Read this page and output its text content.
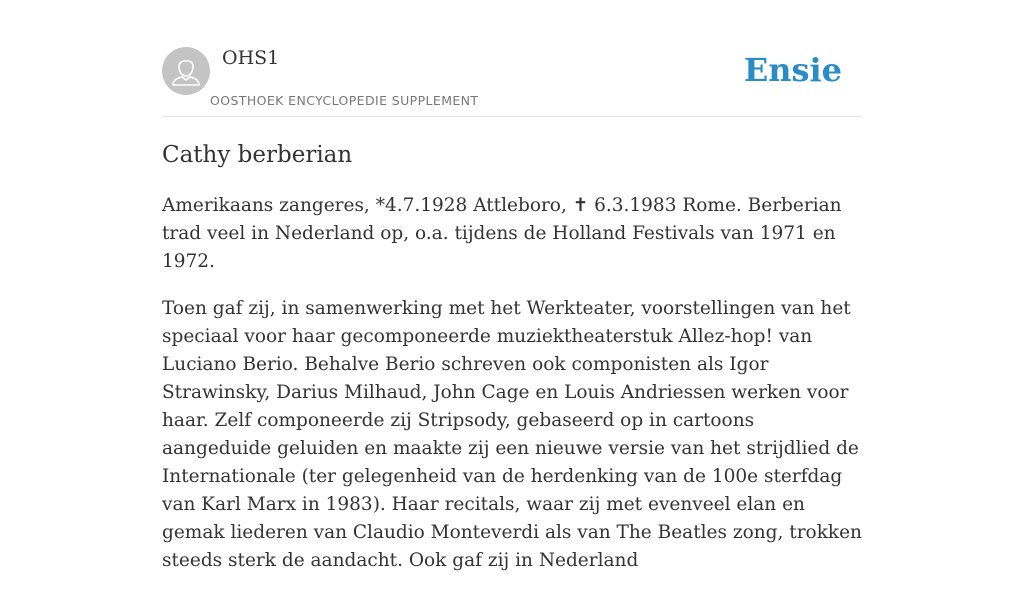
OHS1
OOSTHOEK ENCYCLOPEDIE SUPPLEMENT
Ensie
Cathy berberian

Amerikaans zangeres, *4.7.1928 Attleboro, ✝ 6.3.1983 Rome. Berberian trad veel in Nederland op, o.a. tijdens de Holland Festivals van 1971 en 1972.

Toen gaf zij, in samenwerking met het Werkteater, voorstellingen van het speciaal voor haar gecomponeerde muziektheaterstuk Allez-hop! van Luciano Berio. Behalve Berio schreven ook componisten als Igor Strawinsky, Darius Milhaud, John Cage en Louis Andriessen werken voor haar. Zelf componeerde zij Stripsody, gebaseerd op in cartoons aangeduide geluiden en maakte zij een nieuwe versie van het strijdlied de Internationale (ter gelegenheid van de herdenking van de 100e sterfdag van Karl Marx in 1983). Haar recitals, waar zij met evenveel elan en gemak liederen van Claudio Monteverdi als van The Beatles zong, trokken steeds sterk de aandacht. Ook gaf zij in Nederland
